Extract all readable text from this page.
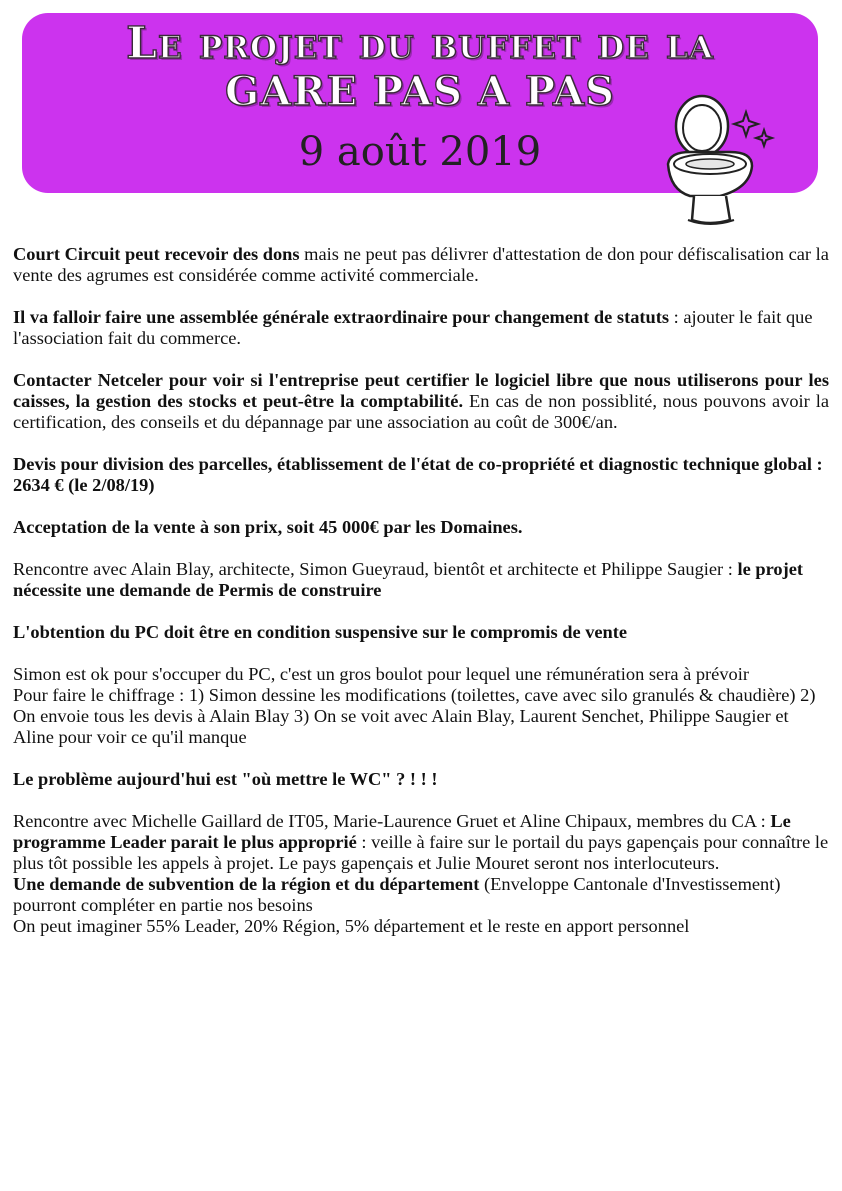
Le projet du buffet de la
GARE PAS A PAS
9 août 2019

Court Circuit peut recevoir des dons mais ne peut pas délivrer d'attestation de don pour défiscalisation car la vente des agrumes est considérée comme activité commerciale.

Il va falloir faire une assemblée générale extraordinaire pour changement de statuts : ajouter le fait que l'association fait du commerce.

Contacter Netceler pour voir si l'entreprise peut certifier le logiciel libre que nous utiliserons pour les caisses, la gestion des stocks et peut-être la comptabilité. En cas de non possiblité, nous pouvons avoir la certification, des conseils et du dépannage par une association au coût de 300€/an.

Devis pour division des parcelles, établissement de l'état de co-propriété et diagnostic technique global : 2634 € (le 2/08/19)

Acceptation de la vente à son prix, soit 45 000€ par les Domaines.

Rencontre avec Alain Blay, architecte, Simon Gueyraud, bientôt et architecte et Philippe Saugier : le projet nécessite une demande de Permis de construire

L'obtention du PC doit être en condition suspensive sur le compromis de vente

Simon est ok pour s'occuper du PC, c'est un gros boulot pour lequel une rémunération sera à prévoir
Pour faire le chiffrage : 1) Simon dessine les modifications (toilettes, cave avec silo granulés & chaudière) 2) On envoie tous les devis à Alain Blay 3) On se voit avec Alain Blay, Laurent Senchet, Philippe Saugier et Aline pour voir ce qu'il manque

Le problème aujourd'hui est "où mettre le WC" ? ! ! !

Rencontre avec Michelle Gaillard de IT05, Marie-Laurence Gruet et Aline Chipaux, membres du CA : Le programme Leader parait le plus approprié : veille à faire sur le portail du pays gapençais pour connaître le plus tôt possible les appels à projet. Le pays gapençais et Julie Mouret seront nos interlocuteurs.

Une demande de subvention de la région et du département (Enveloppe Cantonale d'Investissement) pourront compléter en partie nos besoins

On peut imaginer 55% Leader, 20% Région, 5% département et le reste en apport personnel
